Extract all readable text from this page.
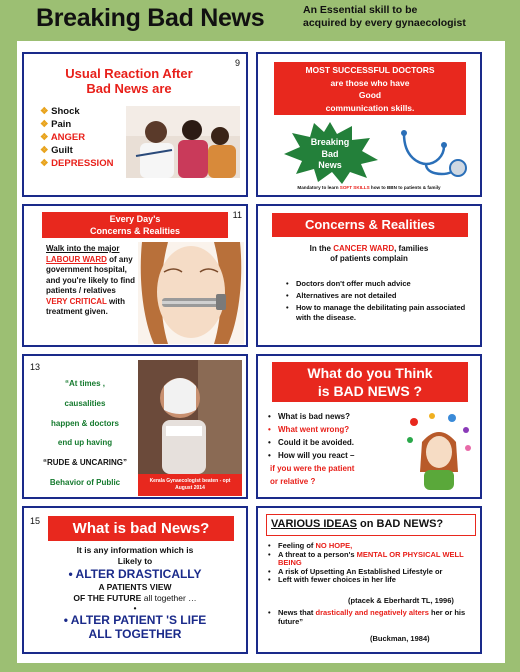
Breaking Bad News	An Essential skill to be
acquired by every gynaecologist
9
Usual Reaction After
Bad News are
❖ Shock
❖ Pain
❖ ANGER
❖ Guilt
❖ DEPRESSION
MOST SUCCESSFUL DOCTORS
are those who have
Good
communication skills.
Breaking
Bad
News
Mandatory to learn SOFT SKILLS how to BBN to patients & family
11
Every Day's
Concerns & Realities
Walk into the major
LABOUR WARD of any government hospital, and you're likely to find patients / relatives VERY CRITICAL with treatment given.
Concerns & Realities
In the CANCER WARD, families
of patients complain
• Doctors don't offer much advice
• Alternatives are not detailed
• How to manage the debilitating pain associated with the disease.
13
“At times ,
causalities
happen & doctors
end up having
“RUDE & UNCARING”
Behavior of Public	Kerala Gynaecologist beaten - opt
August 2014
What do you Think
is BAD NEWS ?
• What is bad news?
• What went wrong?
• Could it be avoided.
• How will you react –
if you were the patient
or relative ?
15	What is bad News?
It is any information which is
Likely to
• ALTER DRASTICALLY
A PATIENTS VIEW
OF THE FUTURE all together …
•
• ALTER PATIENT 'S LIFE
ALL TOGETHER
VARIOUS IDEAS on BAD NEWS?
• Feeling of NO HOPE,
• A threat to a person's MENTAL OR PHYSICAL WELL BEING
• A risk of Upsetting An Established Lifestyle or
• Left with fewer choices in her life
(ptacek & Eberhardt TL, 1996)
• News that drastically and negatively alters her or his future”
(Buckman, 1984)
